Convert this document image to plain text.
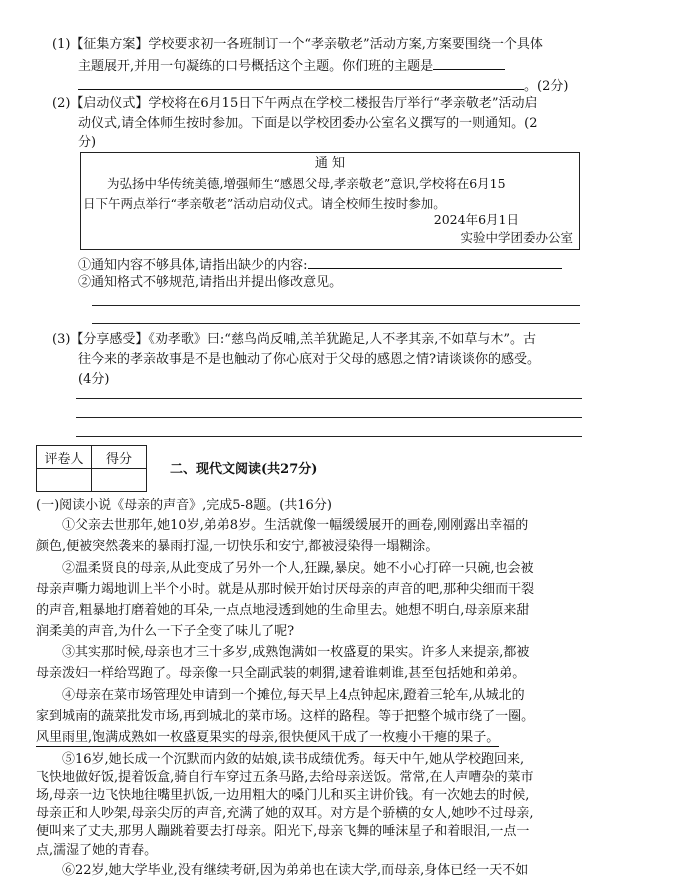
(1)【征集方案】学校要求初一各班制订一个“孝亲敬老”活动方案,方案要围绕一个具体
主题展开,并用一句凝练的口号概括这个主题。你们班的主题是
。(2分)
(2)【启动仪式】学校将在6月15日下午两点在学校二楼报告厅举行“孝亲敬老”活动启
动仪式,请全体师生按时参加。下面是以学校团委办公室名义撰写的一则通知。(2
分)
通 知
为弘扬中华传统美德,增强师生“感恩父母,孝亲敬老”意识,学校将在6月15
日下午两点举行“孝亲敬老”活动启动仪式。请全校师生按时参加。
2024年6月1日
实验中学团委办公室
①通知内容不够具体,请指出缺少的内容:
②通知格式不够规范,请指出并提出修改意见。
(3)【分享感受】《劝孝歌》曰:“慈鸟尚反哺,羔羊犹跪足,人不孝其亲,不如草与木”。古
往今来的孝亲故事是不是也触动了你心底对于父母的感恩之情?请谈谈你的感受。
(4分)
评卷人	得分

二、现代文阅读(共27分)
(一)阅读小说《母亲的声音》,完成5-8题。(共16分)
①父亲去世那年,她10岁,弟弟8岁。生活就像一幅缓缓展开的画卷,刚刚露出幸福的
颜色,便被突然袭来的暴雨打湿,一切快乐和安宁,都被浸染得一塌糊涂。
②温柔贤良的母亲,从此变成了另外一个人,狂躁,暴戾。她不小心打碎一只碗,也会被
母亲声嘶力竭地训上半个小时。就是从那时候开始讨厌母亲的声音的吧,那种尖细而干裂
的声音,粗暴地打磨着她的耳朵,一点点地浸透到她的生命里去。她想不明白,母亲原来甜
润柔美的声音,为什么一下子全变了味儿了呢?
③其实那时候,母亲也才三十多岁,成熟饱满如一枚盛夏的果实。许多人来提亲,都被
母亲泼妇一样给骂跑了。母亲像一只全副武装的刺猬,逮着谁刺谁,甚至包括她和弟弟。
④母亲在菜市场管理处申请到一个摊位,每天早上4点钟起床,蹬着三轮车,从城北的
家到城南的蔬菜批发市场,再到城北的菜市场。这样的路程。等于把整个城市绕了一圈。
风里雨里,饱满成熟如一枚盛夏果实的母亲,很快便风干成了一枚瘦小干瘪的果子。
⑤16岁,她长成一个沉默而内敛的姑娘,读书成绩优秀。每天中午,她从学校跑回来,
飞快地做好饭,提着饭盒,骑自行车穿过五条马路,去给母亲送饭。常常,在人声嘈杂的菜市
场,母亲一边飞快地往嘴里扒饭,一边用粗大的嗓门儿和买主讲价钱。有一次她去的时候,
母亲正和人吵架,母亲尖厉的声音,充满了她的双耳。对方是个骄横的女人,她吵不过母亲,
便叫来了丈夫,那男人蹦跳着要去打母亲。阳光下,母亲飞舞的唾沫星子和着眼泪,一点一
点,濡湿了她的青春。
⑥22岁,她大学毕业,没有继续考研,因为弟弟也在读大学,而母亲,身体已经一天不如
